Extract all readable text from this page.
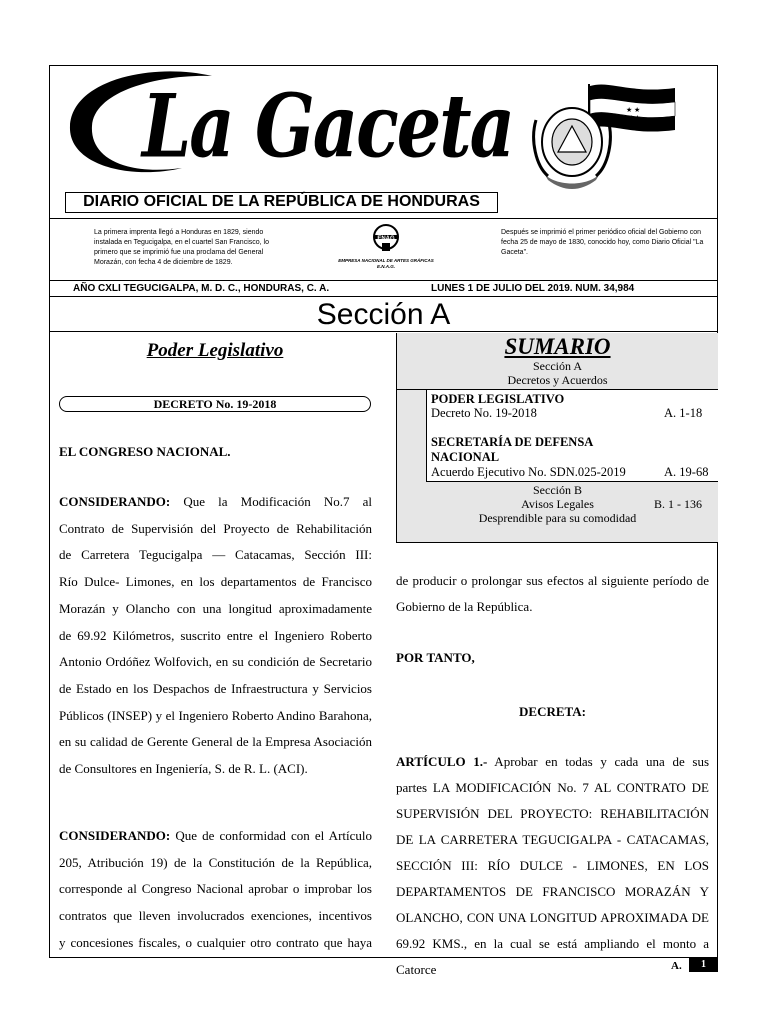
La Gaceta
DIARIO OFICIAL DE LA REPÚBLICA DE HONDURAS
★ ★
★★
La primera imprenta llegó a Honduras en 1829, siendo instalada en Tegucigalpa, en el cuartel San Francisco, lo primero que se imprimió fue una proclama del General Morazán, con fecha 4 de diciembre de 1829.
ENAG
EMPRESA NACIONAL DE ARTES GRÁFICAS
E.N.A.G.
Después se imprimió el primer periódico oficial del Gobierno con fecha 25 de mayo de 1830, conocido hoy, como Diario Oficial "La Gaceta".
AÑO CXLI TEGUCIGALPA, M. D. C., HONDURAS, C. A.	LUNES 1 DE JULIO DEL 2019. NUM. 34,984
Sección A
Poder Legislativo
DECRETO No. 19-2018
EL CONGRESO NACIONAL.
CONSIDERANDO: Que la Modificación No.7 al
Contrato de Supervisión del Proyecto de Rehabilitación
de Carretera Tegucigalpa — Catacamas, Sección III:
Río Dulce- Limones, en los departamentos de Francisco
Morazán y Olancho con una longitud aproximadamente
de 69.92 Kilómetros, suscrito entre el Ingeniero Roberto
Antonio Ordóñez Wolfovich, en su condición de Secretario
de Estado en los Despachos de Infraestructura y Servicios
Públicos (INSEP) y el Ingeniero Roberto Andino Barahona,
en su calidad de Gerente General de la Empresa Asociación

de Consultores en Ingeniería, S. de R. L. (ACI).
CONSIDERANDO: Que de conformidad con el Artículo
205, Atribución 19) de la Constitución de la República,
corresponde al Congreso Nacional aprobar o improbar los
contratos que lleven involucrados exenciones, incentivos
y concesiones fiscales, o cualquier otro contrato que haya
SUMARIO
Sección A
Decretos y Acuerdos
PODER LEGISLATIVO
Decreto No. 19-2018	A. 1-18
SECRETARÍA DE DEFENSA
NACIONAL
Acuerdo Ejecutivo No. SDN.025-2019	A. 19-68
Sección B
Avisos Legales	B. 1 - 136
Desprendible para su comodidad
de producir o prolongar sus efectos al siguiente período de

Gobierno de la República.
POR TANTO,
DECRETA:
ARTÍCULO 1.- Aprobar en todas y cada una de sus
partes LA MODIFICACIÓN No. 7 AL CONTRATO DE
SUPERVISIÓN DEL PROYECTO: REHABILITACIÓN
DE LA CARRETERA TEGUCIGALPA - CATACAMAS,
SECCIÓN III: RÍO DULCE - LIMONES, EN LOS
DEPARTAMENTOS DE FRANCISCO MORAZÁN Y
OLANCHO, CON UNA LONGITUD APROXIMADA DE
69.92 KMS., en la cual se está ampliando el monto a Catorce	A.	1
